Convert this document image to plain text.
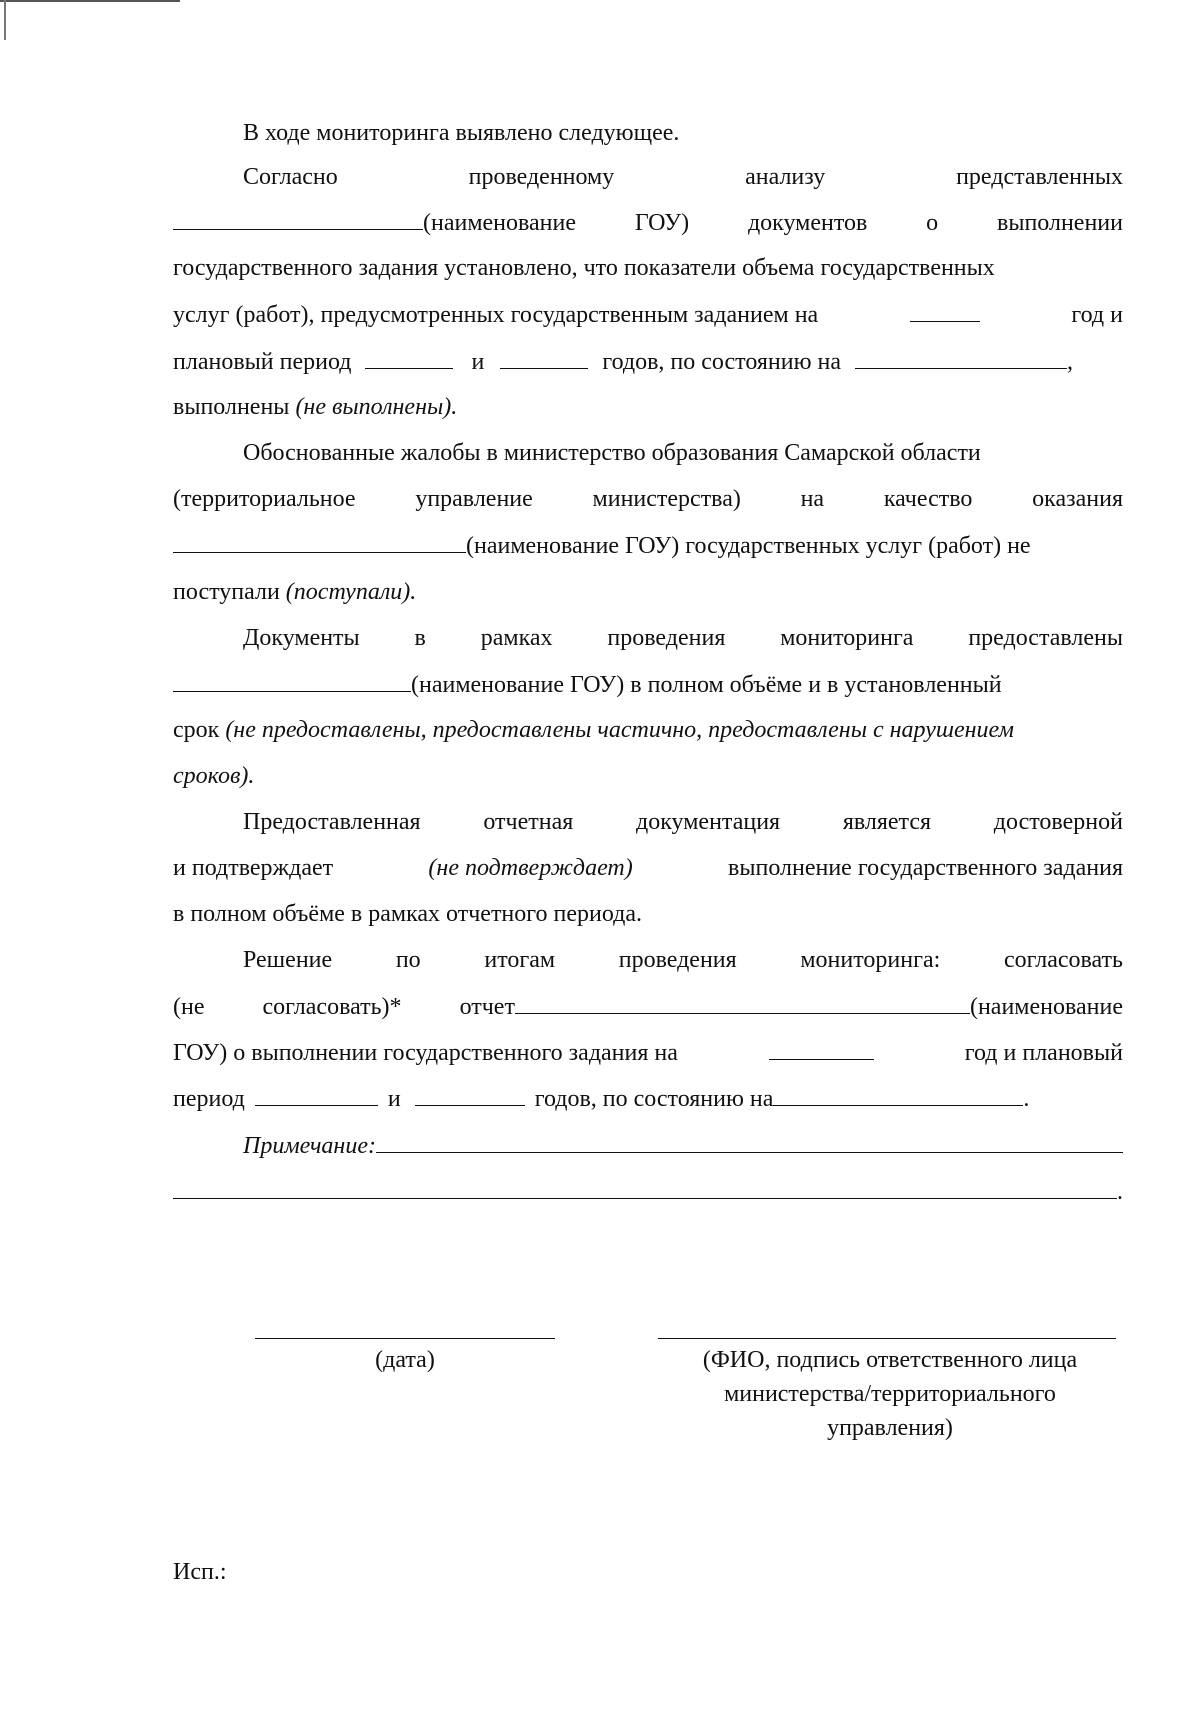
В ходе мониторинга выявлено следующее.
Согласно	проведенному	анализу	представленных
(наименование ГОУ) документов о выполнении
государственного задания установлено, что показатели объема государственных
услуг (работ), предусмотренных государственным заданием на	год и
плановый период	и	годов, по состоянию на	,
выполнены (не выполнены).
Обоснованные жалобы в министерство образования Самарской области
(территориальное управление министерства) на качество оказания
(наименование ГОУ) государственных услуг (работ) не
поступали (поступали).
Документы в рамках проведения мониторинга предоставлены
(наименование ГОУ) в полном объёме и в установленный
срок (не предоставлены, предоставлены частично, предоставлены с нарушением
сроков).
Предоставленная	отчетная	документация	является	достоверной
и подтверждает	(не подтверждает)	выполнение государственного задания
в полном объёме в рамках отчетного периода.
Решение	по	итогам	проведения	мониторинга:	согласовать
(не согласовать)* отчет	(наименование
ГОУ) о выполнении государственного задания на	год и плановый
период	и	годов, по состоянию на	.
Примечание:
.
(дата)	(ФИО, подпись ответственного лица
министерства/территориального
управления)
Исп.:
